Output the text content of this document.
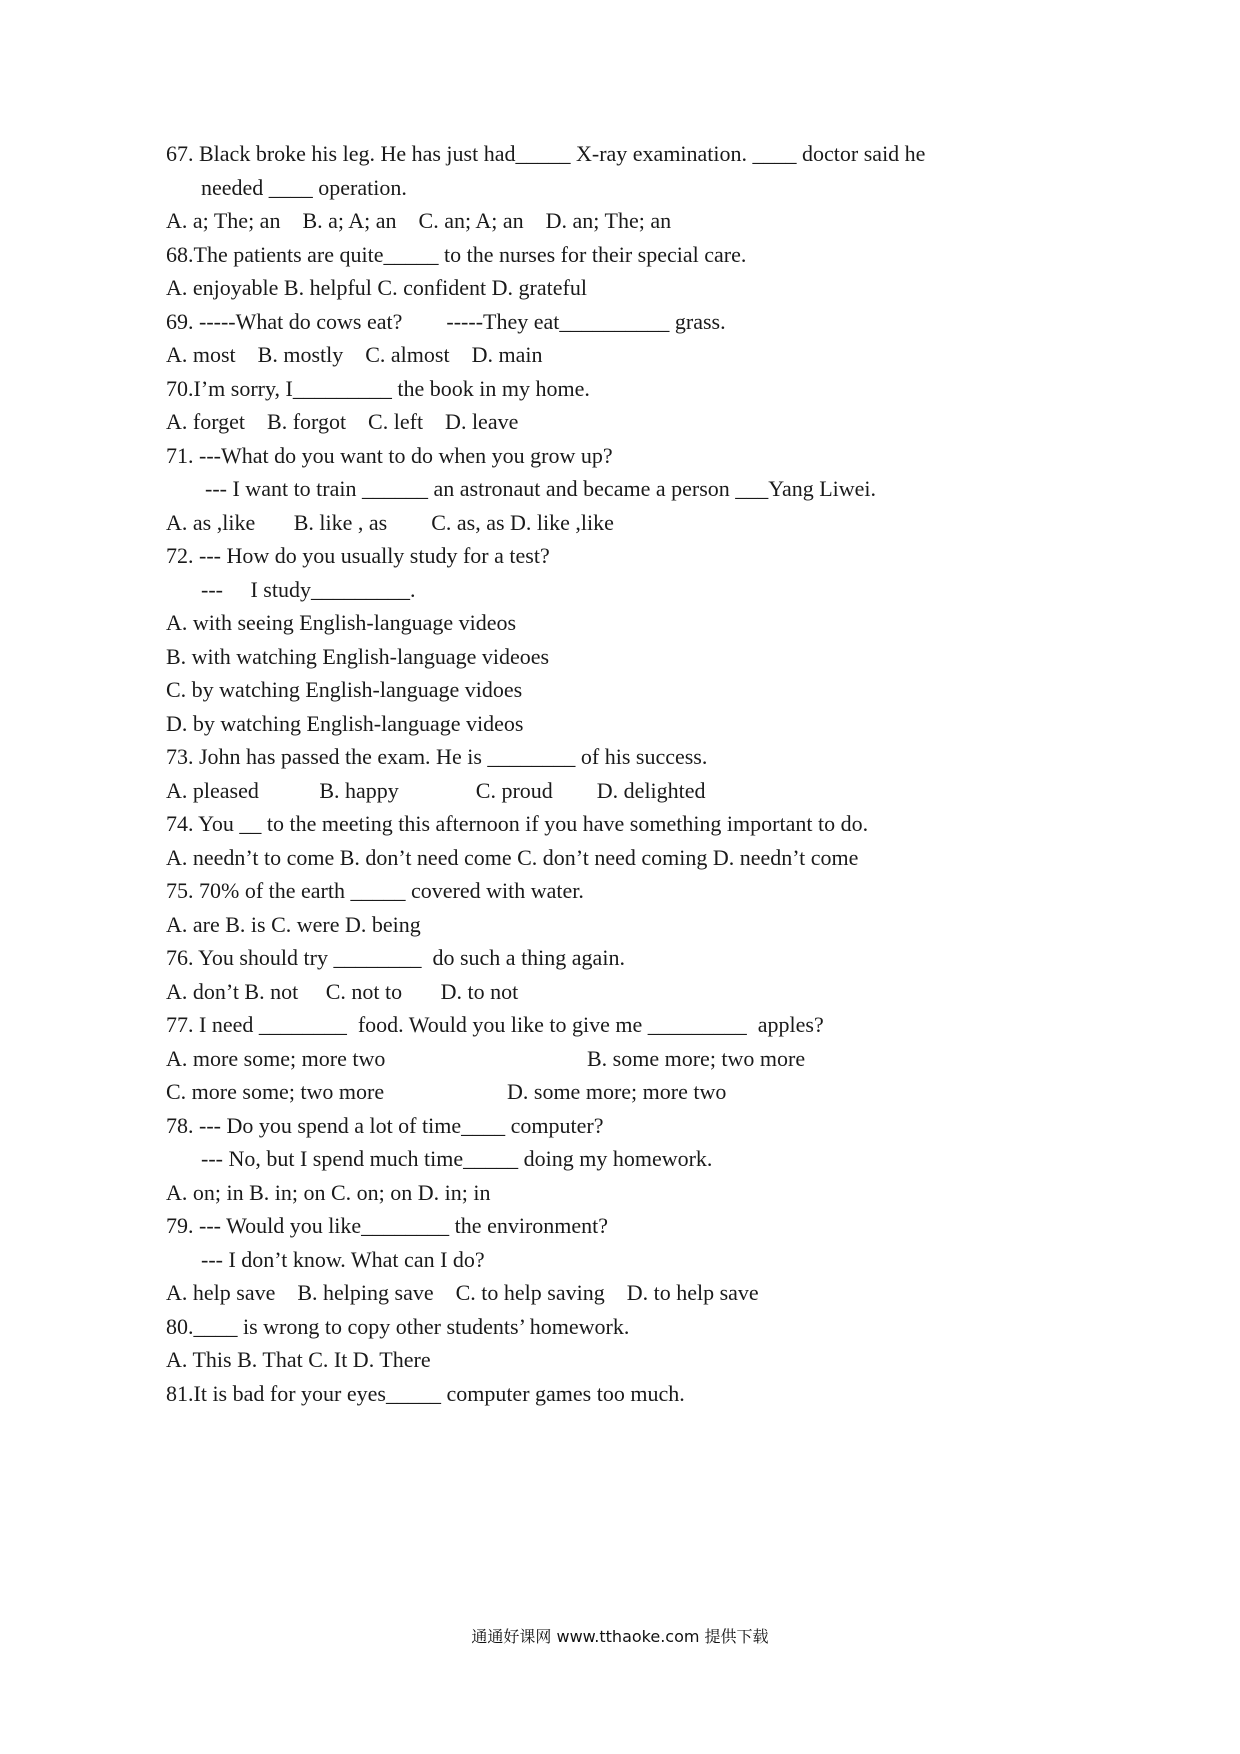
67. Black broke his leg. He has just had_____ X-ray examination. ____ doctor said he
needed ____ operation.
A. a; The; an    B. a; A; an    C. an; A; an    D. an; The; an
68.The patients are quite_____ to the nurses for their special care.
A. enjoyable B. helpful C. confident D. grateful
69. -----What do cows eat?        -----They eat__________ grass.
A. most    B. mostly    C. almost    D. main
70.I’m sorry, I_________ the book in my home.
A. forget    B. forgot    C. left    D. leave
71. ---What do you want to do when you grow up?
--- I want to train ______ an astronaut and became a person ___Yang Liwei.
A. as ,like       B. like , as        C. as, as D. like ,like
72. --- How do you usually study for a test?
---     I study_________.
A. with seeing English-language videos
B. with watching English-language videoes
C. by watching English-language vidoes
D. by watching English-language videos
73. John has passed the exam. He is ________ of his success.
A. pleased           B. happy              C. proud        D. delighted
74. You __ to the meeting this afternoon if you have something important to do.
A. needn’t to come B. don’t need come C. don’t need coming D. needn’t come
75. 70% of the earth _____ covered with water.
A. are B. is C. were D. being
76. You should try ________  do such a thing again.
A. don’t B. not     C. not to       D. to not
77. I need ________  food. Would you like to give me _________  apples?
A. more some; more two	B. some more; two more
C. more some; two more	D. some more; more two
78. --- Do you spend a lot of time____ computer?
--- No, but I spend much time_____ doing my homework.
A. on; in B. in; on C. on; on D. in; in
79. --- Would you like________ the environment?
--- I don’t know. What can I do?
A. help save    B. helping save    C. to help saving    D. to help save
80.____ is wrong to copy other students’ homework.
A. This B. That C. It D. There
81.It is bad for your eyes_____ computer games too much.
通通好课网 www.tthaoke.com 提供下载
